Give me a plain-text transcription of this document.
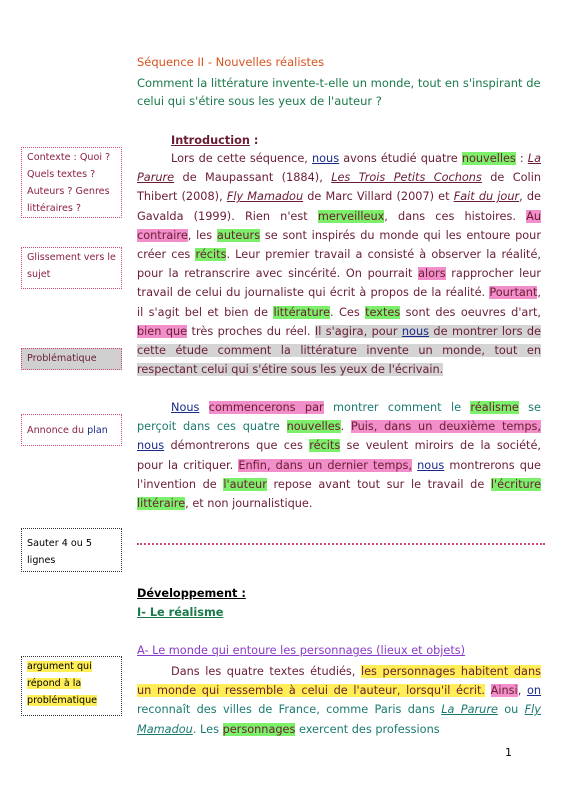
Séquence II - Nouvelles réalistes
Comment la littérature invente-t-elle un monde, tout en s'inspirant de celui qui s'étire sous les yeux de l'auteur ?
Contexte : Quoi ? Quels textes ? Auteurs ? Genres littéraires ?
Glissement vers le sujet
Problématique
Annonce du plan
Sauter 4 ou 5 lignes
argument qui répond à la problématique
Introduction :

Lors de cette séquence, nous avons étudié quatre nouvelles : La Parure de Maupassant (1884), Les Trois Petits Cochons de Colin Thibert (2008), Fly Mamadou de Marc Villard (2007) et Fait du jour, de Gavalda (1999). Rien n'est merveilleux, dans ces histoires. Au contraire, les auteurs se sont inspirés du monde qui les entoure pour créer ces récits. Leur premier travail a consisté à observer la réalité, pour la retranscrire avec sincérité. On pourrait alors rapprocher leur travail de celui du journaliste qui écrit à propos de la réalité. Pourtant, il s'agit bel et bien de littérature. Ces textes sont des oeuvres d'art, bien que très proches du réel. Il s'agira, pour nous de montrer lors de cette étude comment la littérature invente un monde, tout en respectant celui qui s'étire sous les yeux de l'écrivain.

Nous commencerons par montrer comment le réalisme se perçoit dans ces quatre nouvelles. Puis, dans un deuxième temps, nous démontrerons que ces récits se veulent miroirs de la société, pour la critiquer. Enfin, dans un dernier temps, nous montrerons que l'invention de l'auteur repose avant tout sur le travail de l'écriture littéraire, et non journalistique.

Développement :
I- Le réalisme
A- Le monde qui entoure les personnages (lieux et objets)

Dans les quatre textes étudiés, les personnages habitent dans un monde qui ressemble à celui de l'auteur, lorsqu'il écrit. Ainsi, on reconnaît des villes de France, comme Paris dans La Parure ou Fly Mamadou. Les personnages exercent des professions

1
